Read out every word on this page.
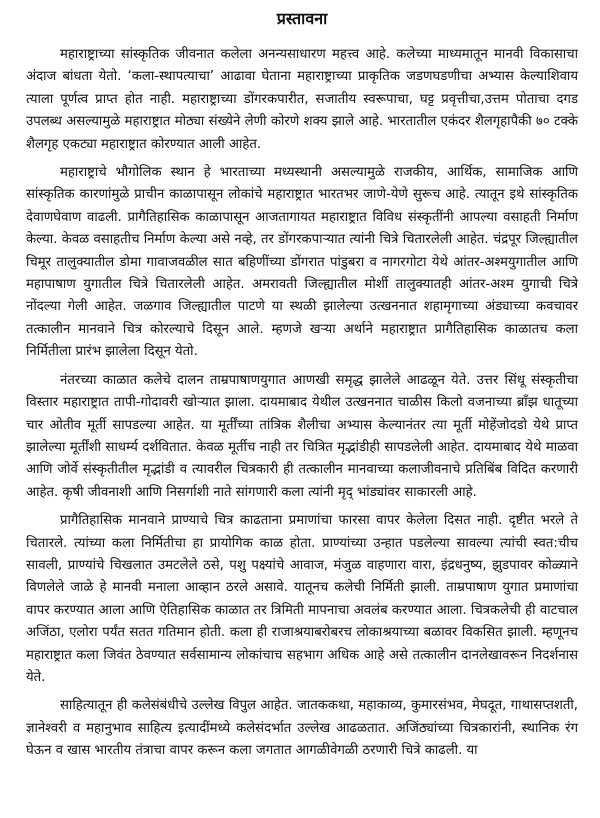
प्रस्तावना

महाराष्ट्राच्या सांस्कृतिक जीवनात कलेला अनन्यसाधारण महत्त्व आहे. कलेच्या माध्यमातून मानवी विकासाचा अंदाज बांधता येतो. ‘कला-स्थापत्याचा’ आढावा घेताना महाराष्ट्राच्या प्राकृतिक जडणघडणीचा अभ्यास केल्याशिवाय त्याला पूर्णत्व प्राप्त होत नाही. महाराष्ट्राच्या डोंगरकपारीत, सजातीय स्वरूपाचा, घट्ट प्रवृत्तीचा,उत्तम पोताचा दगड उपलब्ध असल्यामुळे महाराष्ट्रात मोठ्या संख्येने लेणी कोरणे शक्य झाले आहे. भारतातील एकंदर शैलगृहापैकी ७० टक्के शैलगृह एकट्या महाराष्ट्रात कोरण्यात आली आहेत.

महाराष्ट्राचे भौगोलिक स्थान हे भारताच्या मध्यस्थानी असल्यामुळे राजकीय, आर्थिक, सामाजिक आणि सांस्कृतिक कारणांमुळे प्राचीन काळापासून लोकांचे महाराष्ट्रात भारतभर जाणे-येणे सुरूच आहे. त्यातून इथे सांस्कृतिक देवाणघेवाण वाढली. प्रागैतिहासिक काळापासून आजतागायत महाराष्ट्रात विविध संस्कृतींनी आपल्या वसाहती निर्माण केल्या. केवळ वसाहतीच निर्माण केल्या असे नव्हे, तर डोंगरकपाऱ्यात त्यांनी चित्रे चितारलेली आहेत. चंद्रपूर जिल्ह्यातील चिमूर तालुक्यातील डोमा गावाजवळील सात बहिणींच्या डोंगरात पांडुबरा व नागरगोटा येथे आंतर-अश्मयुगातील आणि महापाषाण युगातील चित्रे चितारलेली आहेत. अमरावती जिल्ह्यातील मोर्शी तालुक्यातही आंतर-अश्म युगाची चित्रे नोंदल्या गेली आहेत. जळगाव जिल्ह्यातील पाटणे या स्थळी झालेल्या उत्खननात शहामृगाच्या अंड्याच्या कवचावर तत्कालीन मानवाने चित्र कोरल्याचे दिसून आले. म्हणजे खऱ्या अर्थाने महाराष्ट्रात प्रागैतिहासिक काळातच कला निर्मितीला प्रारंभ झालेला दिसून येतो.

नंतरच्या काळात कलेचे दालन ताम्रपाषाणयुगात आणखी समृद्ध झालेले आढळून येते. उत्तर सिंधू संस्कृतीचा विस्तार महाराष्ट्रात तापी-गोदावरी खोऱ्यात झाला. दायमाबाद येथील उत्खननात चाळीस किलो वजनाच्या ब्राँझ धातूच्या चार ओतीव मूर्ती सापडल्या आहेत. या मूर्तींच्या तांत्रिक शैलीचा अभ्यास केल्यानंतर त्या मूर्ती मोहेंजोदडो येथे प्राप्त झालेल्या मूर्तींशी साधर्म्य दर्शवितात. केवळ मूर्तीच नाही तर चित्रित मृद्भांडीही सापडलेली आहेत. दायमाबाद येथे माळवा आणि जोर्वे संस्कृतीतील मृद्भांडी व त्यावरील चित्रकारी ही तत्कालीन मानवाच्या कलाजीवनाचे प्रतिबिंब विदित करणारी आहेत. कृषी जीवनाशी आणि निसर्गाशी नाते सांगणारी कला त्यांनी मृद् भांड्यांवर साकारली आहे.

प्रागैतिहासिक मानवाने प्राण्याचे चित्र काढताना प्रमाणांचा फारसा वापर केलेला दिसत नाही. दृष्टीत भरले ते चितारले. त्यांच्या कला निर्मितीचा हा प्रायोगिक काळ होता. प्राण्यांच्या उन्हात पडलेल्या सावल्या त्यांची स्वत:चीच सावली, प्राण्यांचे चिखलात उमटलेले ठसे, पशु पक्ष्यांचे आवाज, मंजुळ वाहणारा वारा, इंद्रधनुष्य, झुडपावर कोळ्याने विणलेले जाळे हे मानवी मनाला आव्हान ठरले असावे. यातूनच कलेची निर्मिती झाली. ताम्रपाषाण युगात प्रमाणांचा वापर करण्यात आला आणि ऐतिहासिक काळात तर त्रिमिती मापनाचा अवलंब करण्यात आला. चित्रकलेची ही वाटचाल अजिंठा, एलोरा पर्यंत सतत गतिमान होती. कला ही राजाश्रयाबरोबरच लोकाश्रयाच्या बळावर विकसित झाली. म्हणूनच महाराष्ट्रात कला जिवंत ठेवण्यात सर्वसामान्य लोकांचाच सहभाग अधिक आहे असे तत्कालीन दानलेखावरून निदर्शनास येते.

साहित्यातून ही कलेसंबंधीचे उल्लेख विपुल आहेत. जातककथा, महाकाव्य, कुमारसंभव, मेघदूत, गाथासप्तशती, ज्ञानेश्वरी व महानुभाव साहित्य इत्यादींमध्ये कलेसंदर्भात उल्लेख आढळतात. अजिंठ्यांच्या चित्रकारांनी, स्थानिक रंग घेऊन व खास भारतीय तंत्राचा वापर करून कला जगतात आगळीवेगळी ठरणारी चित्रे काढली. या
